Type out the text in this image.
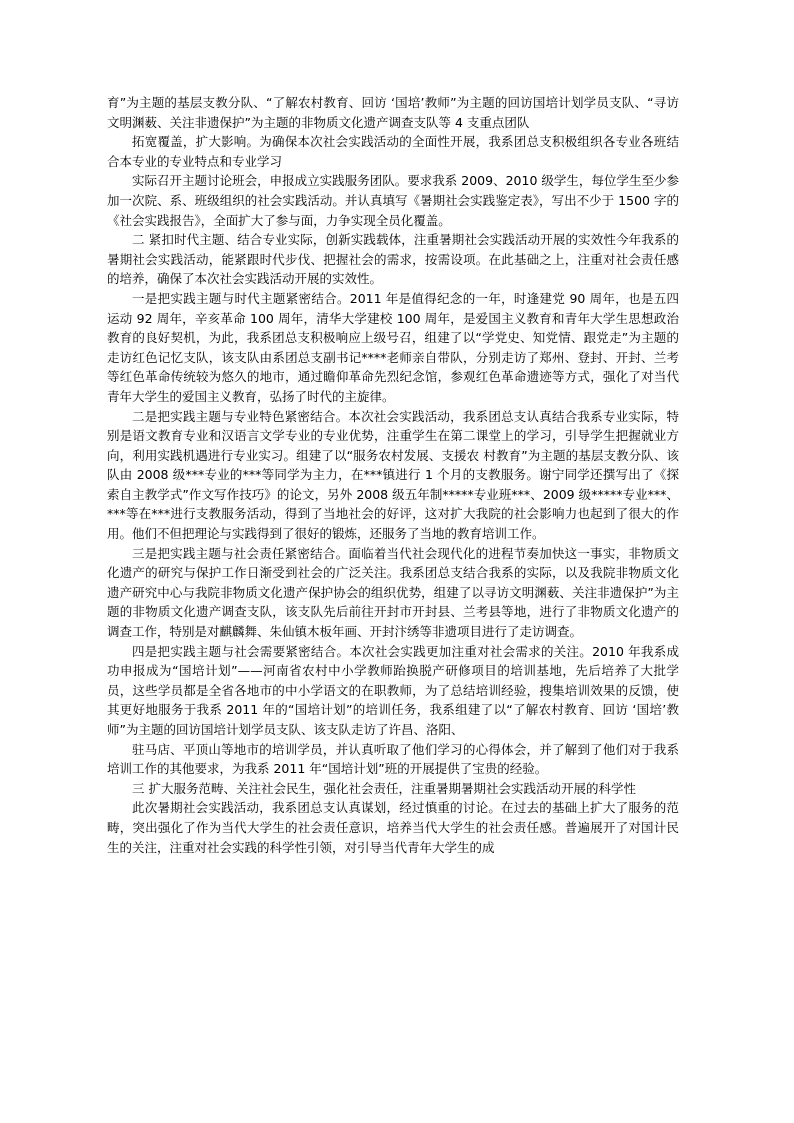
育”为主题的基层支教分队、“了解农村教育、回访 ‘国培’教师”为主题的回访国培计划学员支队、“寻访文明渊薮、关注非遗保护”为主题的非物质文化遗产调查支队等 4 支重点团队

拓宽覆盖，扩大影响。为确保本次社会实践活动的全面性开展，我系团总支积极组织各专业各班结合本专业的专业特点和专业学习

实际召开主题讨论班会，申报成立实践服务团队。要求我系 2009、2010 级学生，每位学生至少参加一次院、系、班级组织的社会实践活动。并认真填写《暑期社会实践鉴定表》，写出不少于 1500 字的《社会实践报告》，全面扩大了参与面，力争实现全员化覆盖。

二 紧扣时代主题、结合专业实际，创新实践载体，注重暑期社会实践活动开展的实效性今年我系的暑期社会实践活动，能紧跟时代步伐、把握社会的需求，按需设项。在此基础之上，注重对社会责任感的培养，确保了本次社会实践活动开展的实效性。

一是把实践主题与时代主题紧密结合。2011 年是值得纪念的一年，时逢建党 90 周年，也是五四运动 92 周年，辛亥革命 100 周年，清华大学建校 100 周年，是爱国主义教育和青年大学生思想政治教育的良好契机，为此，我系团总支积极响应上级号召，组建了以“学党史、知党情、跟党走”为主题的走访红色记忆支队，该支队由系团总支副书记****老师亲自带队，分别走访了郑州、登封、开封、兰考等红色革命传统较为悠久的地市，通过瞻仰革命先烈纪念馆，参观红色革命遗迹等方式，强化了对当代青年大学生的爱国主义教育，弘扬了时代的主旋律。

二是把实践主题与专业特色紧密结合。本次社会实践活动，我系团总支认真结合我系专业实际，特别是语文教育专业和汉语言文学专业的专业优势，注重学生在第二课堂上的学习，引导学生把握就业方向，利用实践机遇进行专业实习。组建了以“服务农村发展、支援农 村教育”为主题的基层支教分队、该队由 2008 级***专业的***等同学为主力，在***镇进行 1 个月的支教服务。谢宁同学还撰写出了《探索自主教学式”作文写作技巧》的论文，另外 2008 级五年制*****专业班***、2009 级*****专业***、***等在***进行支教服务活动，得到了当地社会的好评，这对扩大我院的社会影响力也起到了很大的作用。他们不但把理论与实践得到了很好的锻炼，还服务了当地的教育培训工作。

三是把实践主题与社会责任紧密结合。面临着当代社会现代化的进程节奏加快这一事实，非物质文化遗产的研究与保护工作日渐受到社会的广泛关注。我系团总支结合我系的实际，以及我院非物质文化遗产研究中心与我院非物质文化遗产保护协会的组织优势，组建了以寻访文明渊薮、关注非遗保护”为主题的非物质文化遗产调查支队，该支队先后前往开封市开封县、兰考县等地，进行了非物质文化遗产的调查工作，特别是对麒麟舞、朱仙镇木板年画、开封汴绣等非遗项目进行了走访调查。

四是把实践主题与社会需要紧密结合。本次社会实践更加注重对社会需求的关注。2010 年我系成功申报成为“国培计划”——河南省农村中小学教师跆换脱产研修项目的培训基地，先后培养了大批学员，这些学员都是全省各地市的中小学语文的在职教师，为了总结培训经验，搜集培训效果的反馈，使其更好地服务于我系 2011 年的“国培计划”的培训任务，我系组建了以“了解农村教育、回访 ‘国培’教师”为主题的回访国培计划学员支队、该支队走访了许昌、洛阳、

驻马店、平顶山等地市的培训学员，并认真听取了他们学习的心得体会，并了解到了他们对于我系培训工作的其他要求，为我系 2011 年“国培计划”班的开展提供了宝贵的经验。

三 扩大服务范畴、关注社会民生，强化社会责任，注重暑期暑期社会实践活动开展的科学性

此次暑期社会实践活动，我系团总支认真谋划，经过慎重的讨论。在过去的基础上扩大了服务的范畴，突出强化了作为当代大学生的社会责任意识，培养当代大学生的社会责任感。普遍展开了对国计民生的关注，注重对社会实践的科学性引领，对引导当代青年大学生的成
